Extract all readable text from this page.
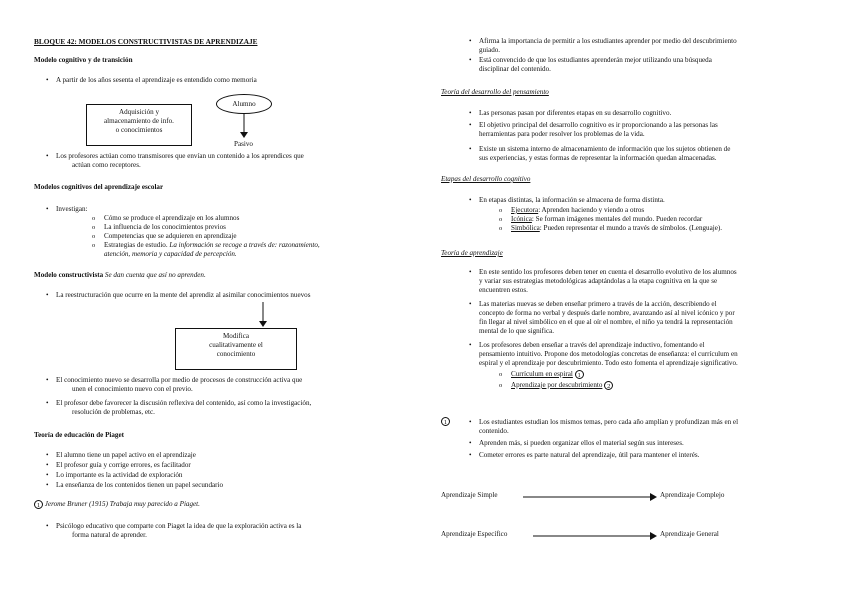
BLOQUE 42: MODELOS CONSTRUCTIVISTAS DE APRENDIZAJE

Modelo cognitivo y de transición

• A partir de los años sesenta el aprendizaje es entendido como memoria

Adquisición y

almacenamiento de info.

o conocimientos

Alumno

Pasivo

• Los profesores actúan como transmisores que envían un contenido a los aprendices que

actúan como receptores.

Modelos cognitivos del aprendizaje escolar

• Investigan:

o Cómo se produce el aprendizaje en los alumnos

o La influencia de los conocimientos previos

o Competencias que se adquieren en aprendizaje

o Estrategias de estudio. La información se recoge a través de: razonamiento,

atención, memoria y capacidad de percepción.

Modelo constructivista Se dan cuenta que así no aprenden.

• La reestructuración que ocurre en la mente del aprendiz al asimilar conocimientos nuevos

Modifica

cualitativamente el

conocimiento

• El conocimiento nuevo se desarrolla por medio de procesos de construcción activa que

unen el conocimiento nuevo con el previo.

• El profesor debe favorecer la discusión reflexiva del contenido, así como la investigación,

resolución de problemas, etc.

Teoría de educación de Piaget

• El alumno tiene un papel activo en el aprendizaje

• El profesor guía y corrige errores, es facilitador

• Lo importante es la actividad de exploración

• La enseñanza de los contenidos tienen un papel secundario

1 Jerome Bruner (1915) Trabaja muy parecido a Piaget.

• Psicólogo educativo que comparte con Piaget la idea de que la exploración activa es la

forma natural de aprender.

• Afirma la importancia de permitir a los estudiantes aprender por medio del descubrimiento

guiado.

• Está convencido de que los estudiantes aprenderán mejor utilizando una búsqueda

disciplinar del contenido.

Teoría del desarrollo del pensamiento

• Las personas pasan por diferentes etapas en su desarrollo cognitivo.

• El objetivo principal del desarrollo cognitivo es ir proporcionando a las personas las

herramientas para poder resolver los problemas de la vida.

• Existe un sistema interno de almacenamiento de información que los sujetos obtienen de

sus experiencias, y estas formas de representar la información quedan almacenadas.

Etapas del desarrollo cognitivo

• En etapas distintas, la información se almacena de forma distinta.

o Ejecutora: Aprenden haciendo y viendo a otros

o Icónica: Se forman imágenes mentales del mundo. Pueden recordar

o Simbólica: Pueden representar el mundo a través de símbolos. (Lenguaje).

Teoría de aprendizaje

• En este sentido los profesores deben tener en cuenta el desarrollo evolutivo de los alumnos

y variar sus estrategias metodológicas adaptándolas a la etapa cognitiva en la que se

encuentren estos.

• Las materias nuevas se deben enseñar primero a través de la acción, describiendo el

concepto de forma no verbal y después darle nombre, avanzando así al nivel icónico y por

fin llegar al nivel simbólico en el que al oír el nombre, el niño ya tendrá la representación

mental de lo que significa.

• Los profesores deben enseñar a través del aprendizaje inductivo, fomentando el

pensamiento intuitivo. Propone dos metodologías concretas de enseñanza: el currículum en

espiral y el aprendizaje por descubrimiento. Todo esto fomenta el aprendizaje significativo.

o Currículum en espiral 1

o Aprendizaje por descubrimiento 2

1

•	Los estudiantes estudian los mismos temas, pero cada año amplían y profundizan más en el

contenido.

• Aprenden más, si pueden organizar ellos el material según sus intereses.

• Cometer errores es parte natural del aprendizaje, útil para mantener el interés.

Aprendizaje Simple	Aprendizaje Complejo

Aprendizaje Específico	Aprendizaje General
